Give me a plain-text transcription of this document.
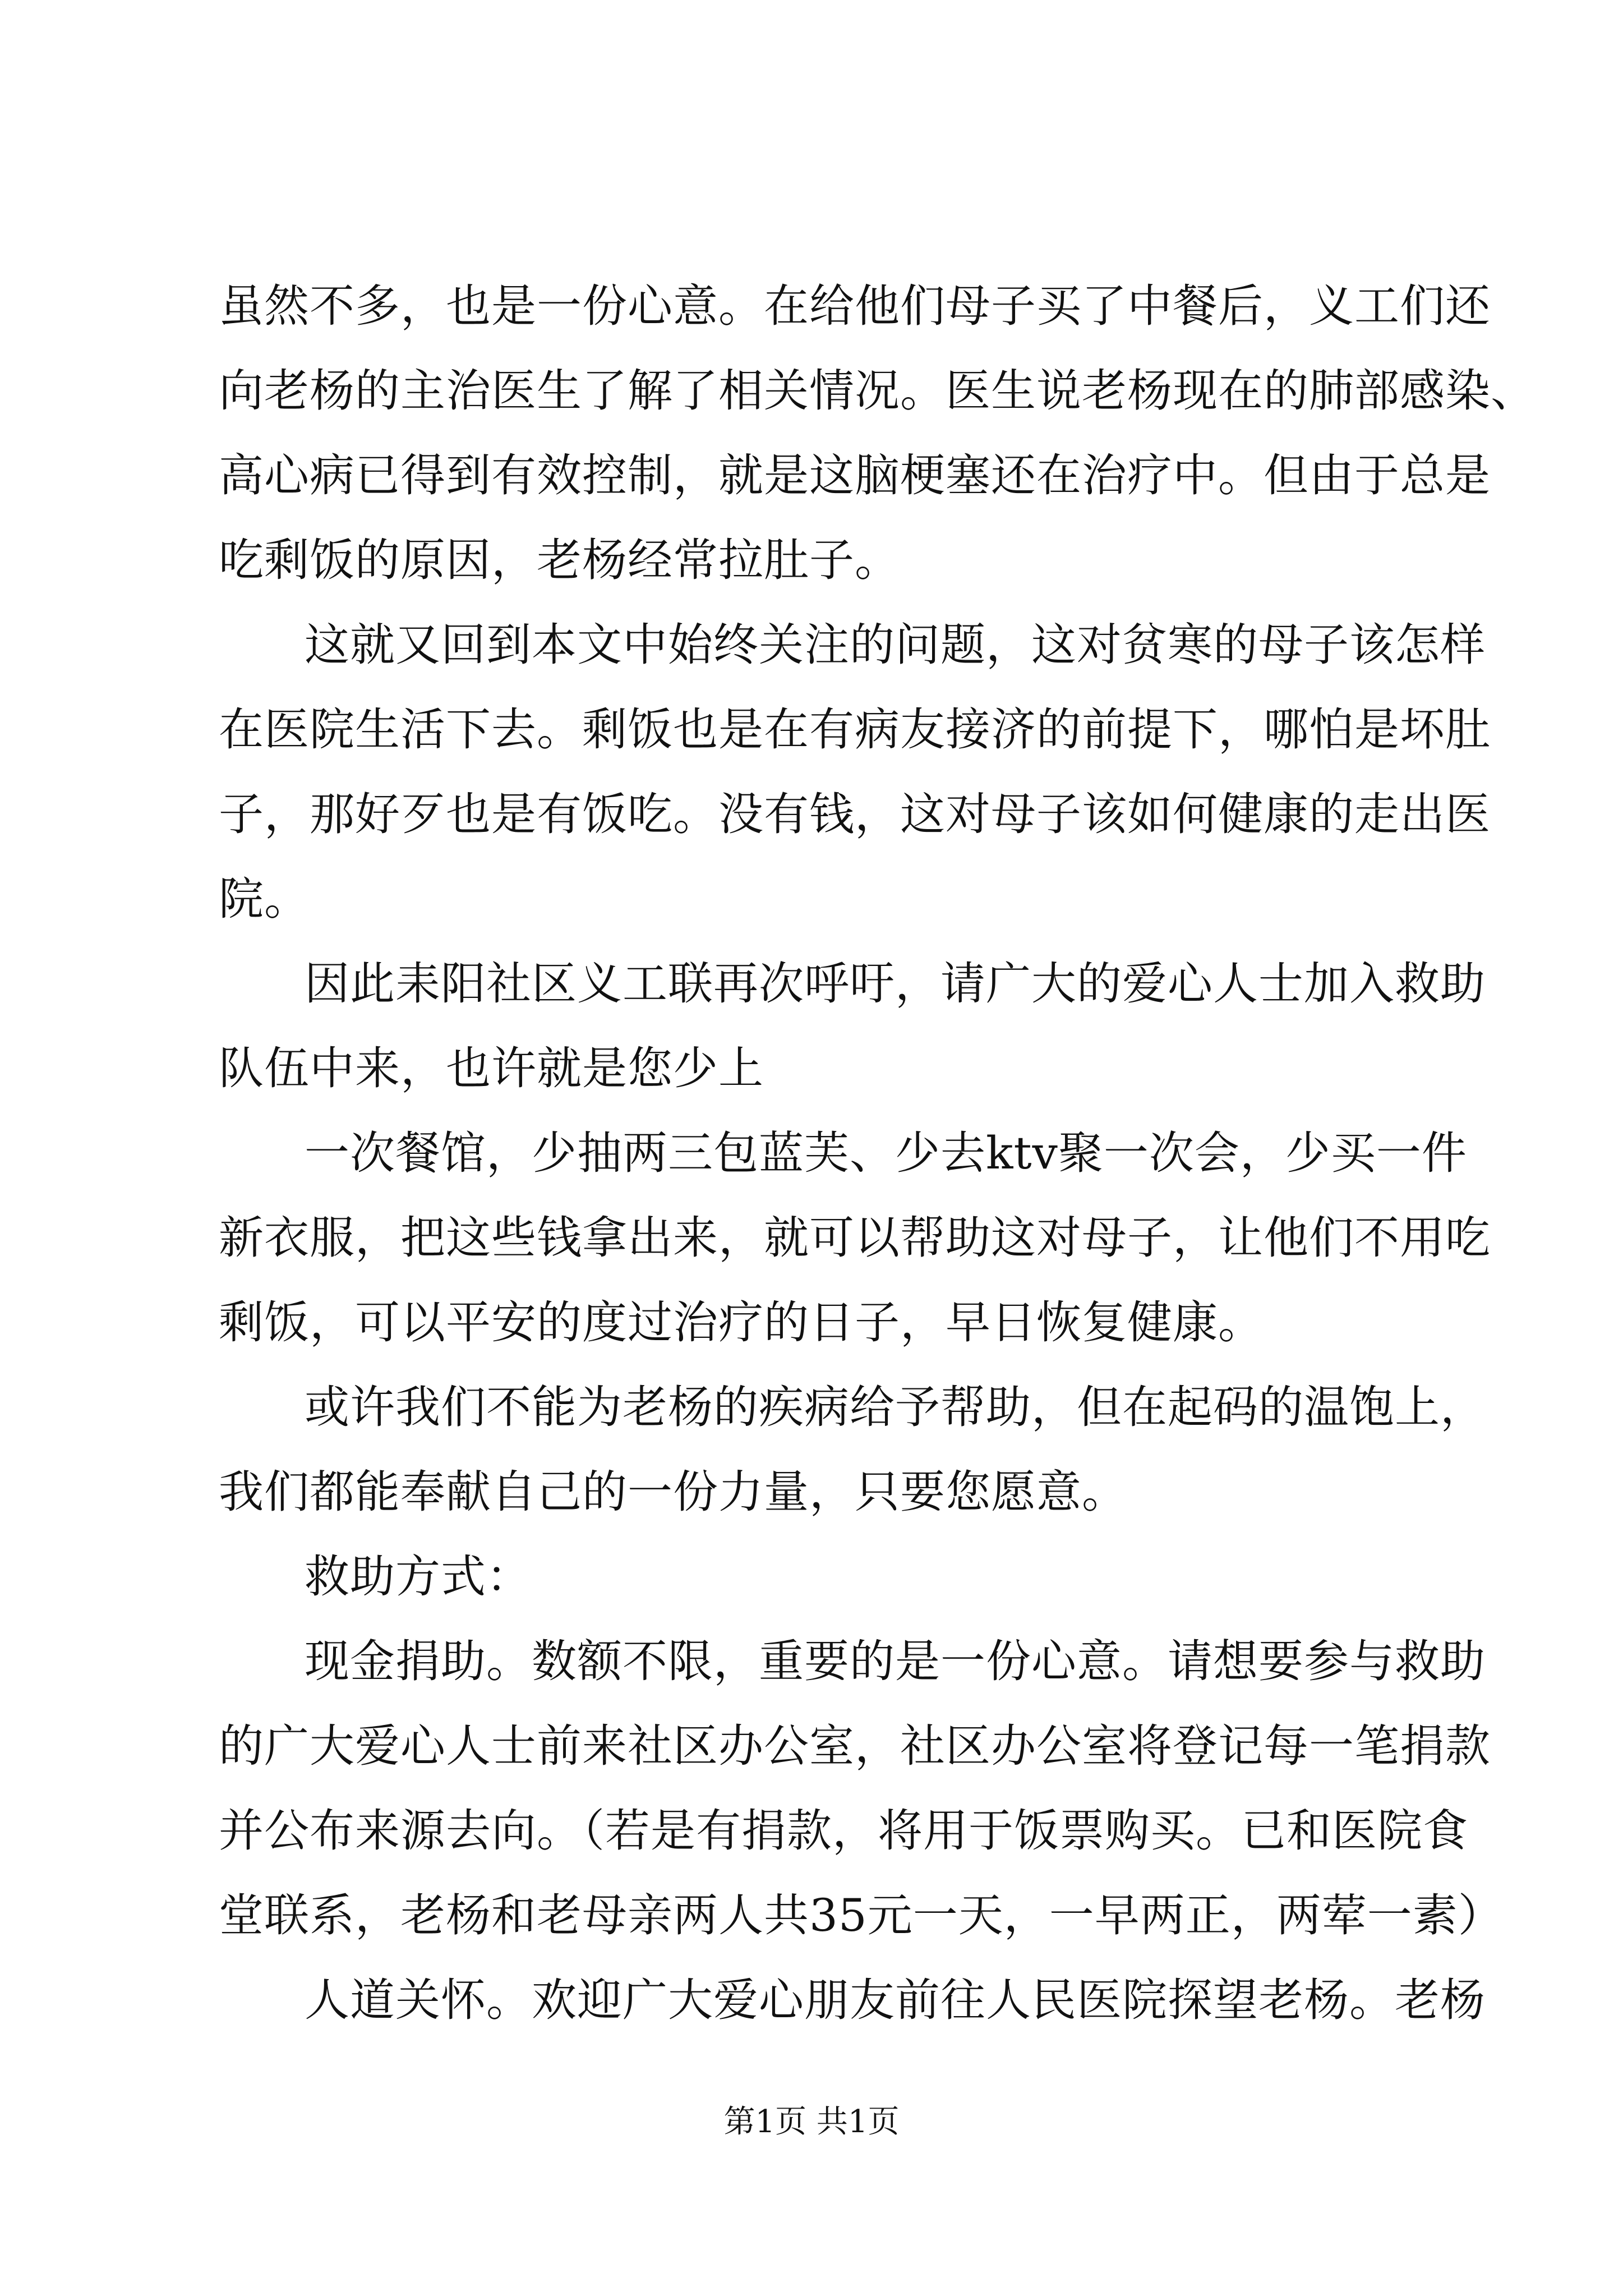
虽然不多，也是一份心意。在给他们母子买了中餐后，义工们还
向老杨的主治医生了解了相关情况。医生说老杨现在的肺部感染、
高心病已得到有效控制，就是这脑梗塞还在治疗中。但由于总是
吃剩饭的原因，老杨经常拉肚子。
这就又回到本文中始终关注的问题，这对贫寒的母子该怎样
在医院生活下去。剩饭也是在有病友接济的前提下，哪怕是坏肚
子，那好歹也是有饭吃。没有钱，这对母子该如何健康的走出医
院。
因此耒阳社区义工联再次呼吁，请广大的爱心人士加入救助
队伍中来，也许就是您少上
一次餐馆，少抽两三包蓝芙、少去ktv聚一次会，少买一件
新衣服，把这些钱拿出来，就可以帮助这对母子，让他们不用吃
剩饭，可以平安的度过治疗的日子，早日恢复健康。
或许我们不能为老杨的疾病给予帮助，但在起码的温饱上，
我们都能奉献自己的一份力量，只要您愿意。
救助方式：
现金捐助。数额不限，重要的是一份心意。请想要参与救助
的广大爱心人士前来社区办公室，社区办公室将登记每一笔捐款
并公布来源去向。（若是有捐款，将用于饭票购买。已和医院食
堂联系，老杨和老母亲两人共35元一天，一早两正，两荤一素）
人道关怀。欢迎广大爱心朋友前往人民医院探望老杨。老杨
第1页 共1页
